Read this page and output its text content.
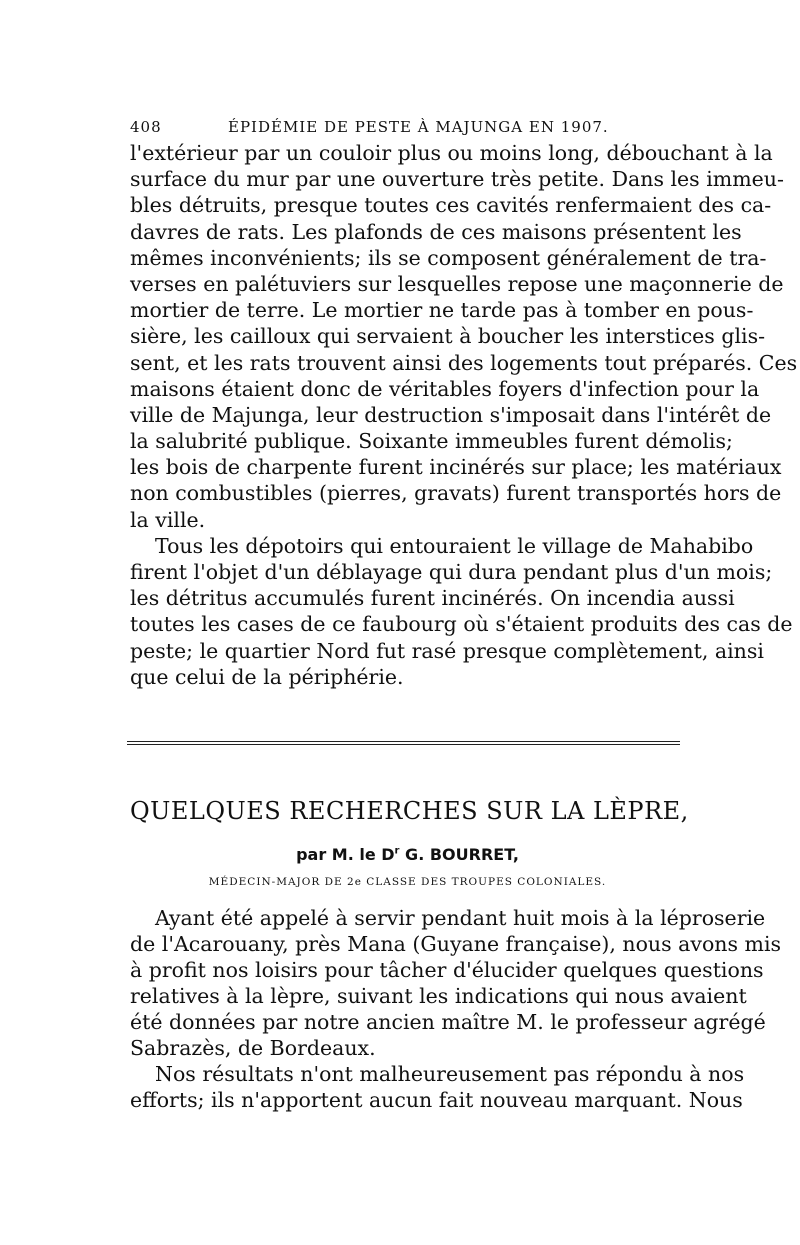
408	ÉPIDÉMIE DE PESTE À MAJUNGA EN 1907.
l'extérieur par un couloir plus ou moins long, débouchant à la
surface du mur par une ouverture très petite. Dans les immeu-
bles détruits, presque toutes ces cavités renfermaient des ca-
davres de rats. Les plafonds de ces maisons présentent les
mêmes inconvénients; ils se composent généralement de tra-
verses en palétuviers sur lesquelles repose une maçonnerie de
mortier de terre. Le mortier ne tarde pas à tomber en pous-
sière, les cailloux qui servaient à boucher les interstices glis-
sent, et les rats trouvent ainsi des logements tout préparés. Ces
maisons étaient donc de véritables foyers d'infection pour la
ville de Majunga, leur destruction s'imposait dans l'intérêt de
la salubrité publique. Soixante immeubles furent démolis;
les bois de charpente furent incinérés sur place; les matériaux
non combustibles (pierres, gravats) furent transportés hors de
la ville.
Tous les dépotoirs qui entouraient le village de Mahabibo
firent l'objet d'un déblayage qui dura pendant plus d'un mois;
les détritus accumulés furent incinérés. On incendia aussi
toutes les cases de ce faubourg où s'étaient produits des cas de
peste; le quartier Nord fut rasé presque complètement, ainsi
que celui de la périphérie.
QUELQUES RECHERCHES SUR LA LÈPRE,
par M. le $D^r$ G. BOURRET,
MÉDECIN-MAJOR DE 2e CLASSE DES TROUPES COLONIALES.
Ayant été appelé à servir pendant huit mois à la léproserie
de l'Acarouany, près Mana (Guyane française), nous avons mis
à profit nos loisirs pour tâcher d'élucider quelques questions
relatives à la lèpre, suivant les indications qui nous avaient
été données par notre ancien maître M. le professeur agrégé
Sabrazès, de Bordeaux.
Nos résultats n'ont malheureusement pas répondu à nos
efforts; ils n'apportent aucun fait nouveau marquant. Nous
